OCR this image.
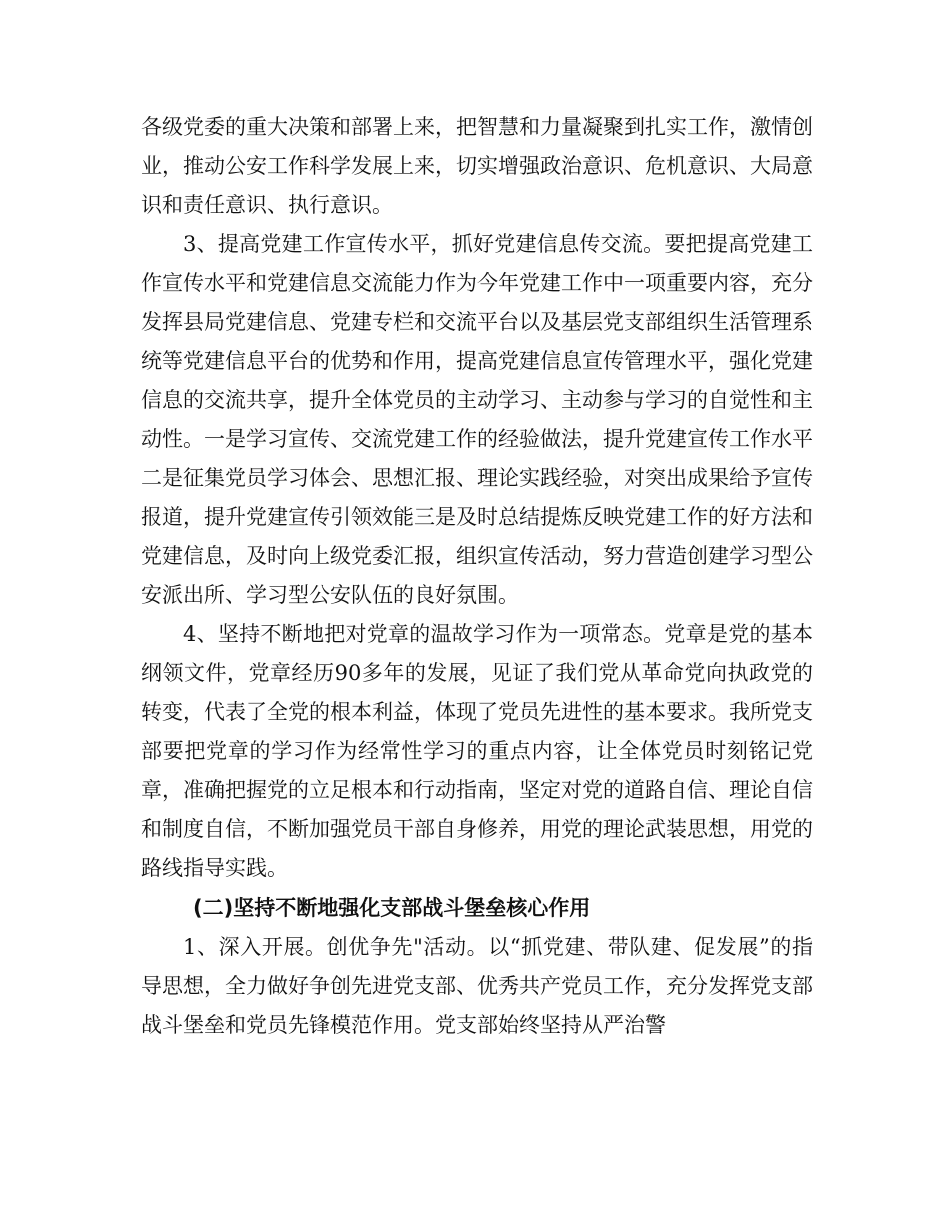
各级党委的重大决策和部署上来，把智慧和力量凝聚到扎实工作，激情创业，推动公安工作科学发展上来，切实增强政治意识、危机意识、大局意识和责任意识、执行意识。

3、提高党建工作宣传水平，抓好党建信息传交流。要把提高党建工作宣传水平和党建信息交流能力作为今年党建工作中一项重要内容，充分发挥县局党建信息、党建专栏和交流平台以及基层党支部组织生活管理系统等党建信息平台的优势和作用，提高党建信息宣传管理水平，强化党建信息的交流共享，提升全体党员的主动学习、主动参与学习的自觉性和主动性。一是学习宣传、交流党建工作的经验做法，提升党建宣传工作水平二是征集党员学习体会、思想汇报、理论实践经验，对突出成果给予宣传报道，提升党建宣传引领效能三是及时总结提炼反映党建工作的好方法和党建信息，及时向上级党委汇报，组织宣传活动，努力营造创建学习型公安派出所、学习型公安队伍的良好氛围。

4、坚持不断地把对党章的温故学习作为一项常态。党章是党的基本纲领文件，党章经历90多年的发展，见证了我们党从革命党向执政党的转变，代表了全党的根本利益，体现了党员先进性的基本要求。我所党支部要把党章的学习作为经常性学习的重点内容，让全体党员时刻铭记党章，准确把握党的立足根本和行动指南，坚定对党的道路自信、理论自信和制度自信，不断加强党员干部自身修养，用党的理论武装思想，用党的路线指导实践。

(二)坚持不断地强化支部战斗堡垒核心作用

1、深入开展。创优争先"活动。以“抓党建、带队建、促发展”的指导思想，全力做好争创先进党支部、优秀共产党员工作，充分发挥党支部战斗堡垒和党员先锋模范作用。党支部始终坚持从严治警
